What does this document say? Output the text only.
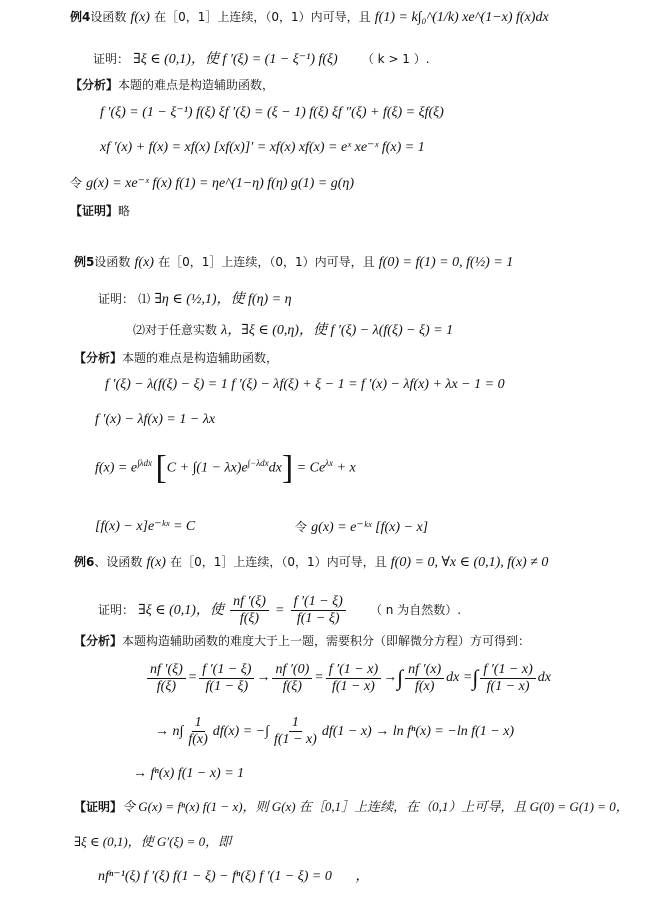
例4设函数 f(x) 在［0，1］上连续，（0，1）内可导，且 f(1) = k∫₀^(1/k) xe^(1−x) f(x)dx
证明： ∃ξ ∈ (0,1)，使 f ′(ξ) = (1 − ξ⁻¹) f(ξ) （ k > 1 ）.
【分析】本题的难点是构造辅助函数，
f ′(ξ) = (1 − ξ⁻¹) f(ξ) ξf ′(ξ) = (ξ − 1) f(ξ) ξf ″(ξ) + f(ξ) = ξf(ξ)
xf ′(x) + f(x) = xf(x) [xf(x)]′ = xf(x) xf(x) = eˣ xe⁻ˣ f(x) = 1
令 g(x) = xe⁻ˣ f(x) f(1) = ηe^(1−η) f(η) g(1) = g(η)
【证明】略
例5设函数 f(x) 在［0，1］上连续，（0，1）内可导，且 f(0) = f(1) = 0, f(½) = 1
证明： ⑴ ∃η ∈ (½,1)，使 f(η) = η
⑵对于任意实数 λ，∃ξ ∈ (0,η)，使 f ′(ξ) − λ(f(ξ) − ξ) = 1
【分析】本题的难点是构造辅助函数，
f ′(ξ) − λ(f(ξ) − ξ) = 1 f ′(ξ) − λf(ξ) + ξ − 1 = f ′(x) − λf(x) + λx − 1 = 0
f ′(x) − λf(x) = 1 − λx
$f(x) = e^{\int\lambda dx}$ $[C + \int(1 - \lambda x)e^{\int-\lambda dx}dx] = Ce^{\lambda x} + x$
[f(x) − x]e⁻ᵏˣ = C	令 g(x) = e⁻ᵏˣ [f(x) − x]
例6、设函数 f(x) 在［0，1］上连续，（0，1）内可导，且 f(0) = 0, ∀x ∈ (0,1), f(x) ≠ 0
证明： ∃ξ ∈ (0,1)，使 $\frac{nf '(\xi)}{f(\xi)} = \frac{f '(1 - \xi)}{f(1 - \xi)}$ （ n 为自然数）.
【分析】本题构造辅助函数的难度大于上一题，需要积分（即解微分方程）方可得到：
$\frac{nf '(\xi)}{f(\xi)} = \frac{f '(1 - \xi)}{f(1 - \xi)} \to \frac{nf '(0)}{f(\xi)} = \frac{f '(1 - x)}{f(1 - x)}$ →∫ $\frac{nf '(x)}{f(x)}$ dx =∫ $\frac{f '(1 - x)}{f(1 - x)}$ dx
→ $n\int \frac{1}{f(x)} df(x)$ = −∫ $\frac{1}{f(1 - x)} df(1 - x) \to \ln f^n(x) = -\ln$ f(1 − x)
→ fⁿ(x) f(1 − x) = 1
【证明】令 G(x) = fⁿ(x) f(1 − x)，则 G(x) 在［0,1］上连续，在（0,1）上可导，且 G(0) = G(1) = 0，
∃ξ ∈ (0,1)，使 G′(ξ) = 0，即
nfⁿ⁻¹(ξ) f ′(ξ) f(1 − ξ) − fⁿ(ξ) f ′(1 − ξ) = 0 ，
